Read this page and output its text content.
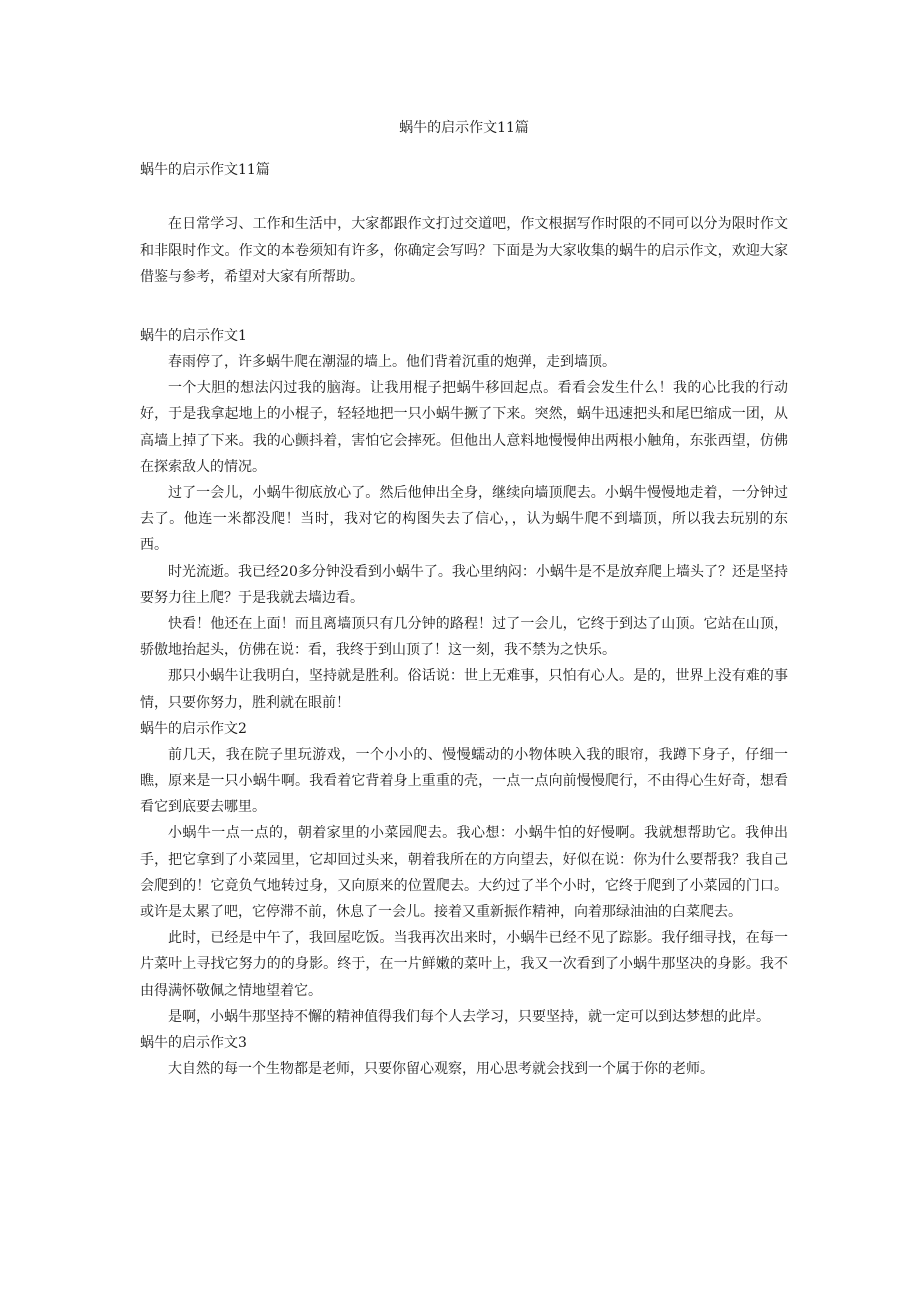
蜗牛的启示作文11篇
蜗牛的启示作文11篇

在日常学习、工作和生活中，大家都跟作文打过交道吧，作文根据写作时限的不同可以分为限时作文和非限时作文。作文的本卷须知有许多，你确定会写吗？下面是为大家收集的蜗牛的启示作文，欢迎大家借鉴与参考，希望对大家有所帮助。

蜗牛的启示作文1

春雨停了，许多蜗牛爬在潮湿的墙上。他们背着沉重的炮弹，走到墙顶。

一个大胆的想法闪过我的脑海。让我用棍子把蜗牛移回起点。看看会发生什么！我的心比我的行动好，于是我拿起地上的小棍子，轻轻地把一只小蜗牛撅了下来。突然，蜗牛迅速把头和尾巴缩成一团，从高墙上掉了下来。我的心颤抖着，害怕它会摔死。但他出人意料地慢慢伸出两根小触角，东张西望，仿佛在探索敌人的情况。

过了一会儿，小蜗牛彻底放心了。然后他伸出全身，继续向墙顶爬去。小蜗牛慢慢地走着，一分钟过去了。他连一米都没爬！当时，我对它的构图失去了信心，，认为蜗牛爬不到墙顶，所以我去玩别的东西。

时光流逝。我已经20多分钟没看到小蜗牛了。我心里纳闷：小蜗牛是不是放弃爬上墙头了？还是坚持要努力往上爬？于是我就去墙边看。

快看！他还在上面！而且离墙顶只有几分钟的路程！过了一会儿，它终于到达了山顶。它站在山顶，骄傲地抬起头，仿佛在说：看，我终于到山顶了！这一刻，我不禁为之快乐。

那只小蜗牛让我明白，坚持就是胜利。俗话说：世上无难事，只怕有心人。是的，世界上没有难的事情，只要你努力，胜利就在眼前！

蜗牛的启示作文2

前几天，我在院子里玩游戏，一个小小的、慢慢蠕动的小物体映入我的眼帘，我蹲下身子，仔细一瞧，原来是一只小蜗牛啊。我看着它背着身上重重的壳，一点一点向前慢慢爬行，不由得心生好奇，想看看它到底要去哪里。

小蜗牛一点一点的，朝着家里的小菜园爬去。我心想：小蜗牛怕的好慢啊。我就想帮助它。我伸出手，把它拿到了小菜园里，它却回过头来，朝着我所在的方向望去，好似在说：你为什么要帮我？我自己会爬到的！它竟负气地转过身，又向原来的位置爬去。大约过了半个小时，它终于爬到了小菜园的门口。或许是太累了吧，它停滞不前，休息了一会儿。接着又重新振作精神，向着那绿油油的白菜爬去。

此时，已经是中午了，我回屋吃饭。当我再次出来时，小蜗牛已经不见了踪影。我仔细寻找，在每一片菜叶上寻找它努力的的身影。终于，在一片鲜嫩的菜叶上，我又一次看到了小蜗牛那坚决的身影。我不由得满怀敬佩之情地望着它。

是啊，小蜗牛那坚持不懈的精神值得我们每个人去学习，只要坚持，就一定可以到达梦想的此岸。

蜗牛的启示作文3

大自然的每一个生物都是老师，只要你留心观察，用心思考就会找到一个属于你的老师。
